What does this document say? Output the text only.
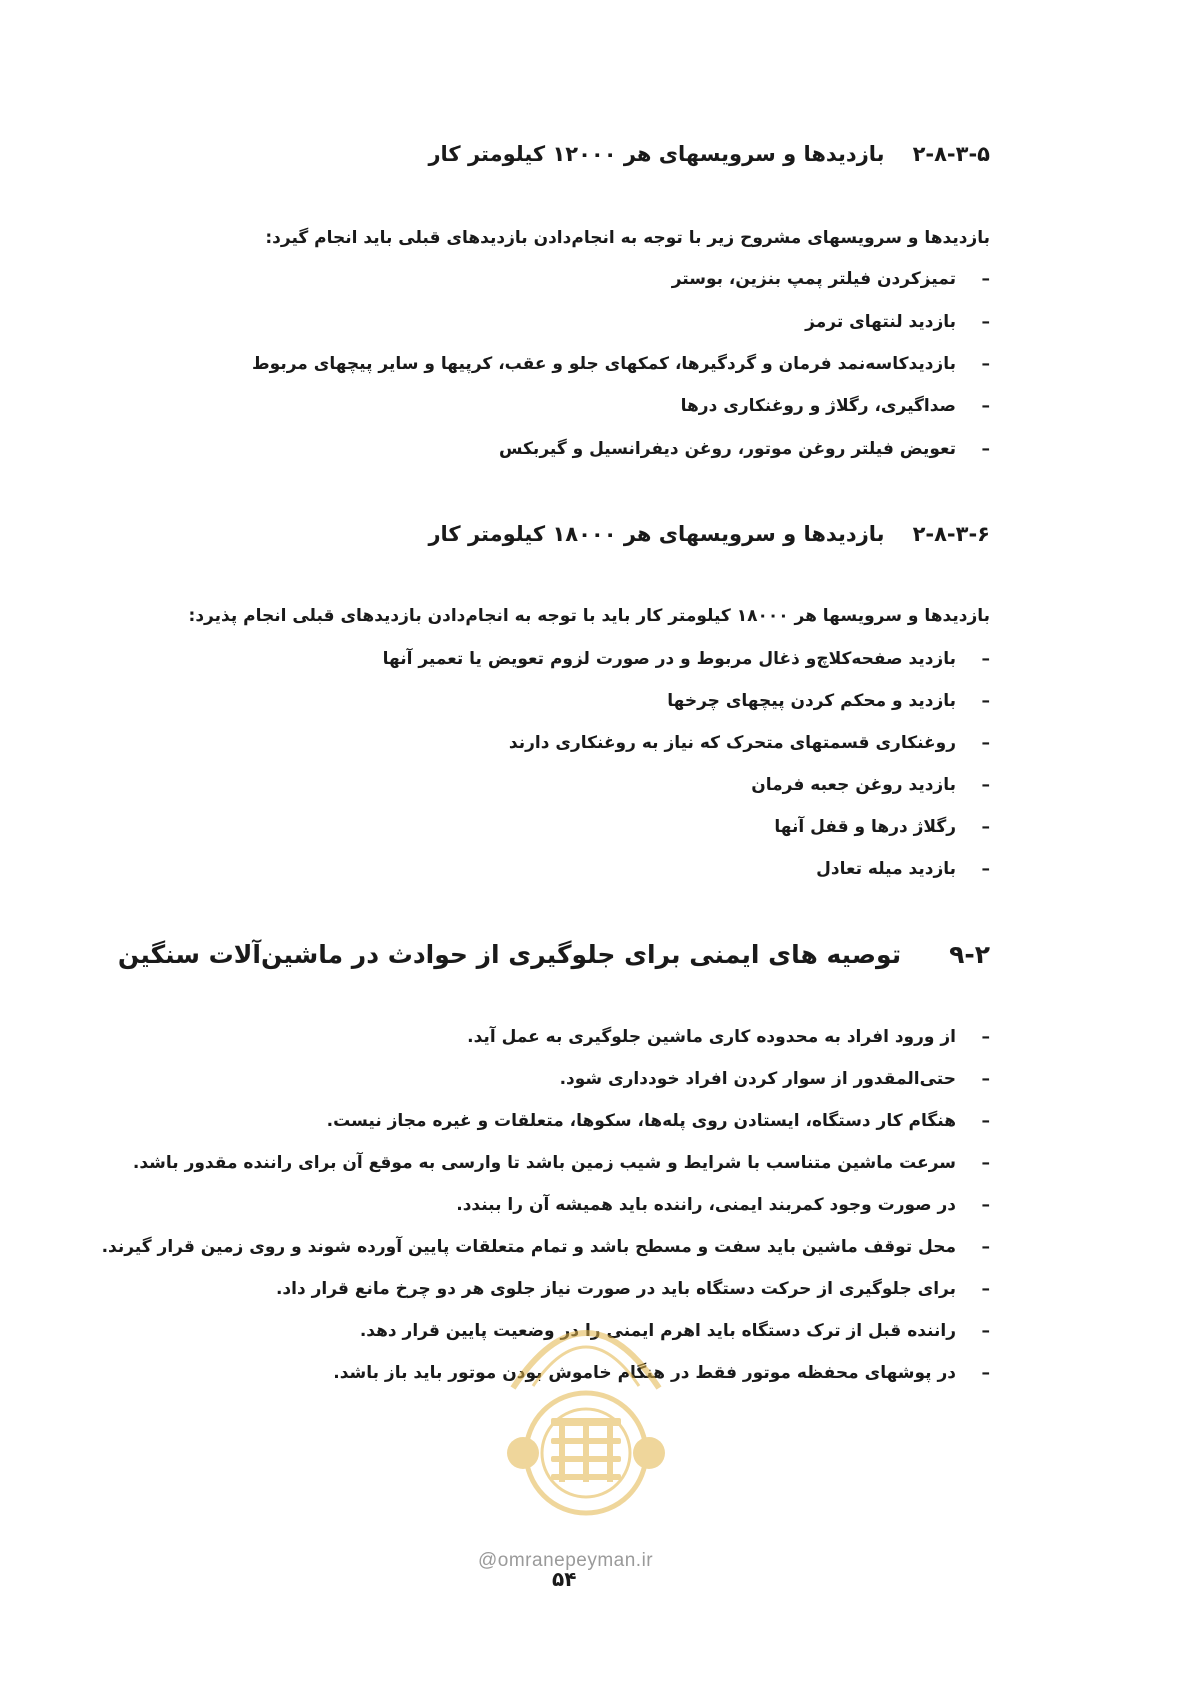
۲-۸-۳-۵بازدیدها و سرویسهای هر ۱۲۰۰۰ کیلومتر کار
بازدیدها و سرویسهای مشروح زیر با توجه به انجام‌دادن بازدیدهای قبلی باید انجام گیرد:
–تمیزکردن فیلتر پمپ بنزین، بوستر
–بازدید لنتهای ترمز
–بازدیدکاسه‌نمد فرمان و گردگیرها، کمکهای جلو و عقب، کرپیها و سایر پیچهای مربوط
–صداگیری، رگلاژ و روغنکاری درها
–تعویض فیلتر روغن موتور، روغن دیفرانسیل و گیربکس
۲-۸-۳-۶بازدیدها و سرویسهای هر ۱۸۰۰۰ کیلومتر کار
بازدیدها و سرویسها هر ۱۸۰۰۰ کیلومتر کار باید با توجه به انجام‌دادن بازدیدهای قبلی انجام پذیرد:
–بازدید صفحه‌کلاچ‌و ذغال مربوط و در صورت لزوم تعویض یا تعمیر آنها
–بازدید و محکم کردن پیچهای چرخها
–روغنکاری قسمتهای متحرک که نیاز به روغنکاری دارند
–بازدید روغن جعبه فرمان
–رگلاژ درها و قفل آنها
–بازدید میله تعادل
۹-۲توصیه های ایمنی برای جلوگیری از حوادث در ماشین‌آلات سنگین
–از ورود افراد به محدوده کاری ماشین جلوگیری به عمل آید.
–حتی‌المقدور از سوار کردن افراد خودداری شود.
–هنگام کار دستگاه، ایستادن روی پله‌ها، سکوها، متعلقات و غیره مجاز نیست.
–سرعت ماشین متناسب با شرایط و شیب زمین باشد تا وارسی به موقع آن برای راننده مقدور باشد.
–در صورت وجود کمربند ایمنی، راننده باید همیشه آن را ببندد.
–محل توقف ماشین باید سفت و مسطح باشد و تمام متعلقات پایین آورده شوند و روی زمین قرار گیرند.
–برای جلوگیری از حرکت دستگاه باید در صورت نیاز جلوی هر دو چرخ مانع قرار داد.
–راننده قبل از ترک دستگاه باید اهرم ایمنی را در وضعیت پایین قرار دهد.
–در پوشهای محفظه موتور فقط در هنگام خاموش بودن موتور باید باز باشد.
@omranepeyman.ir
۵۴
